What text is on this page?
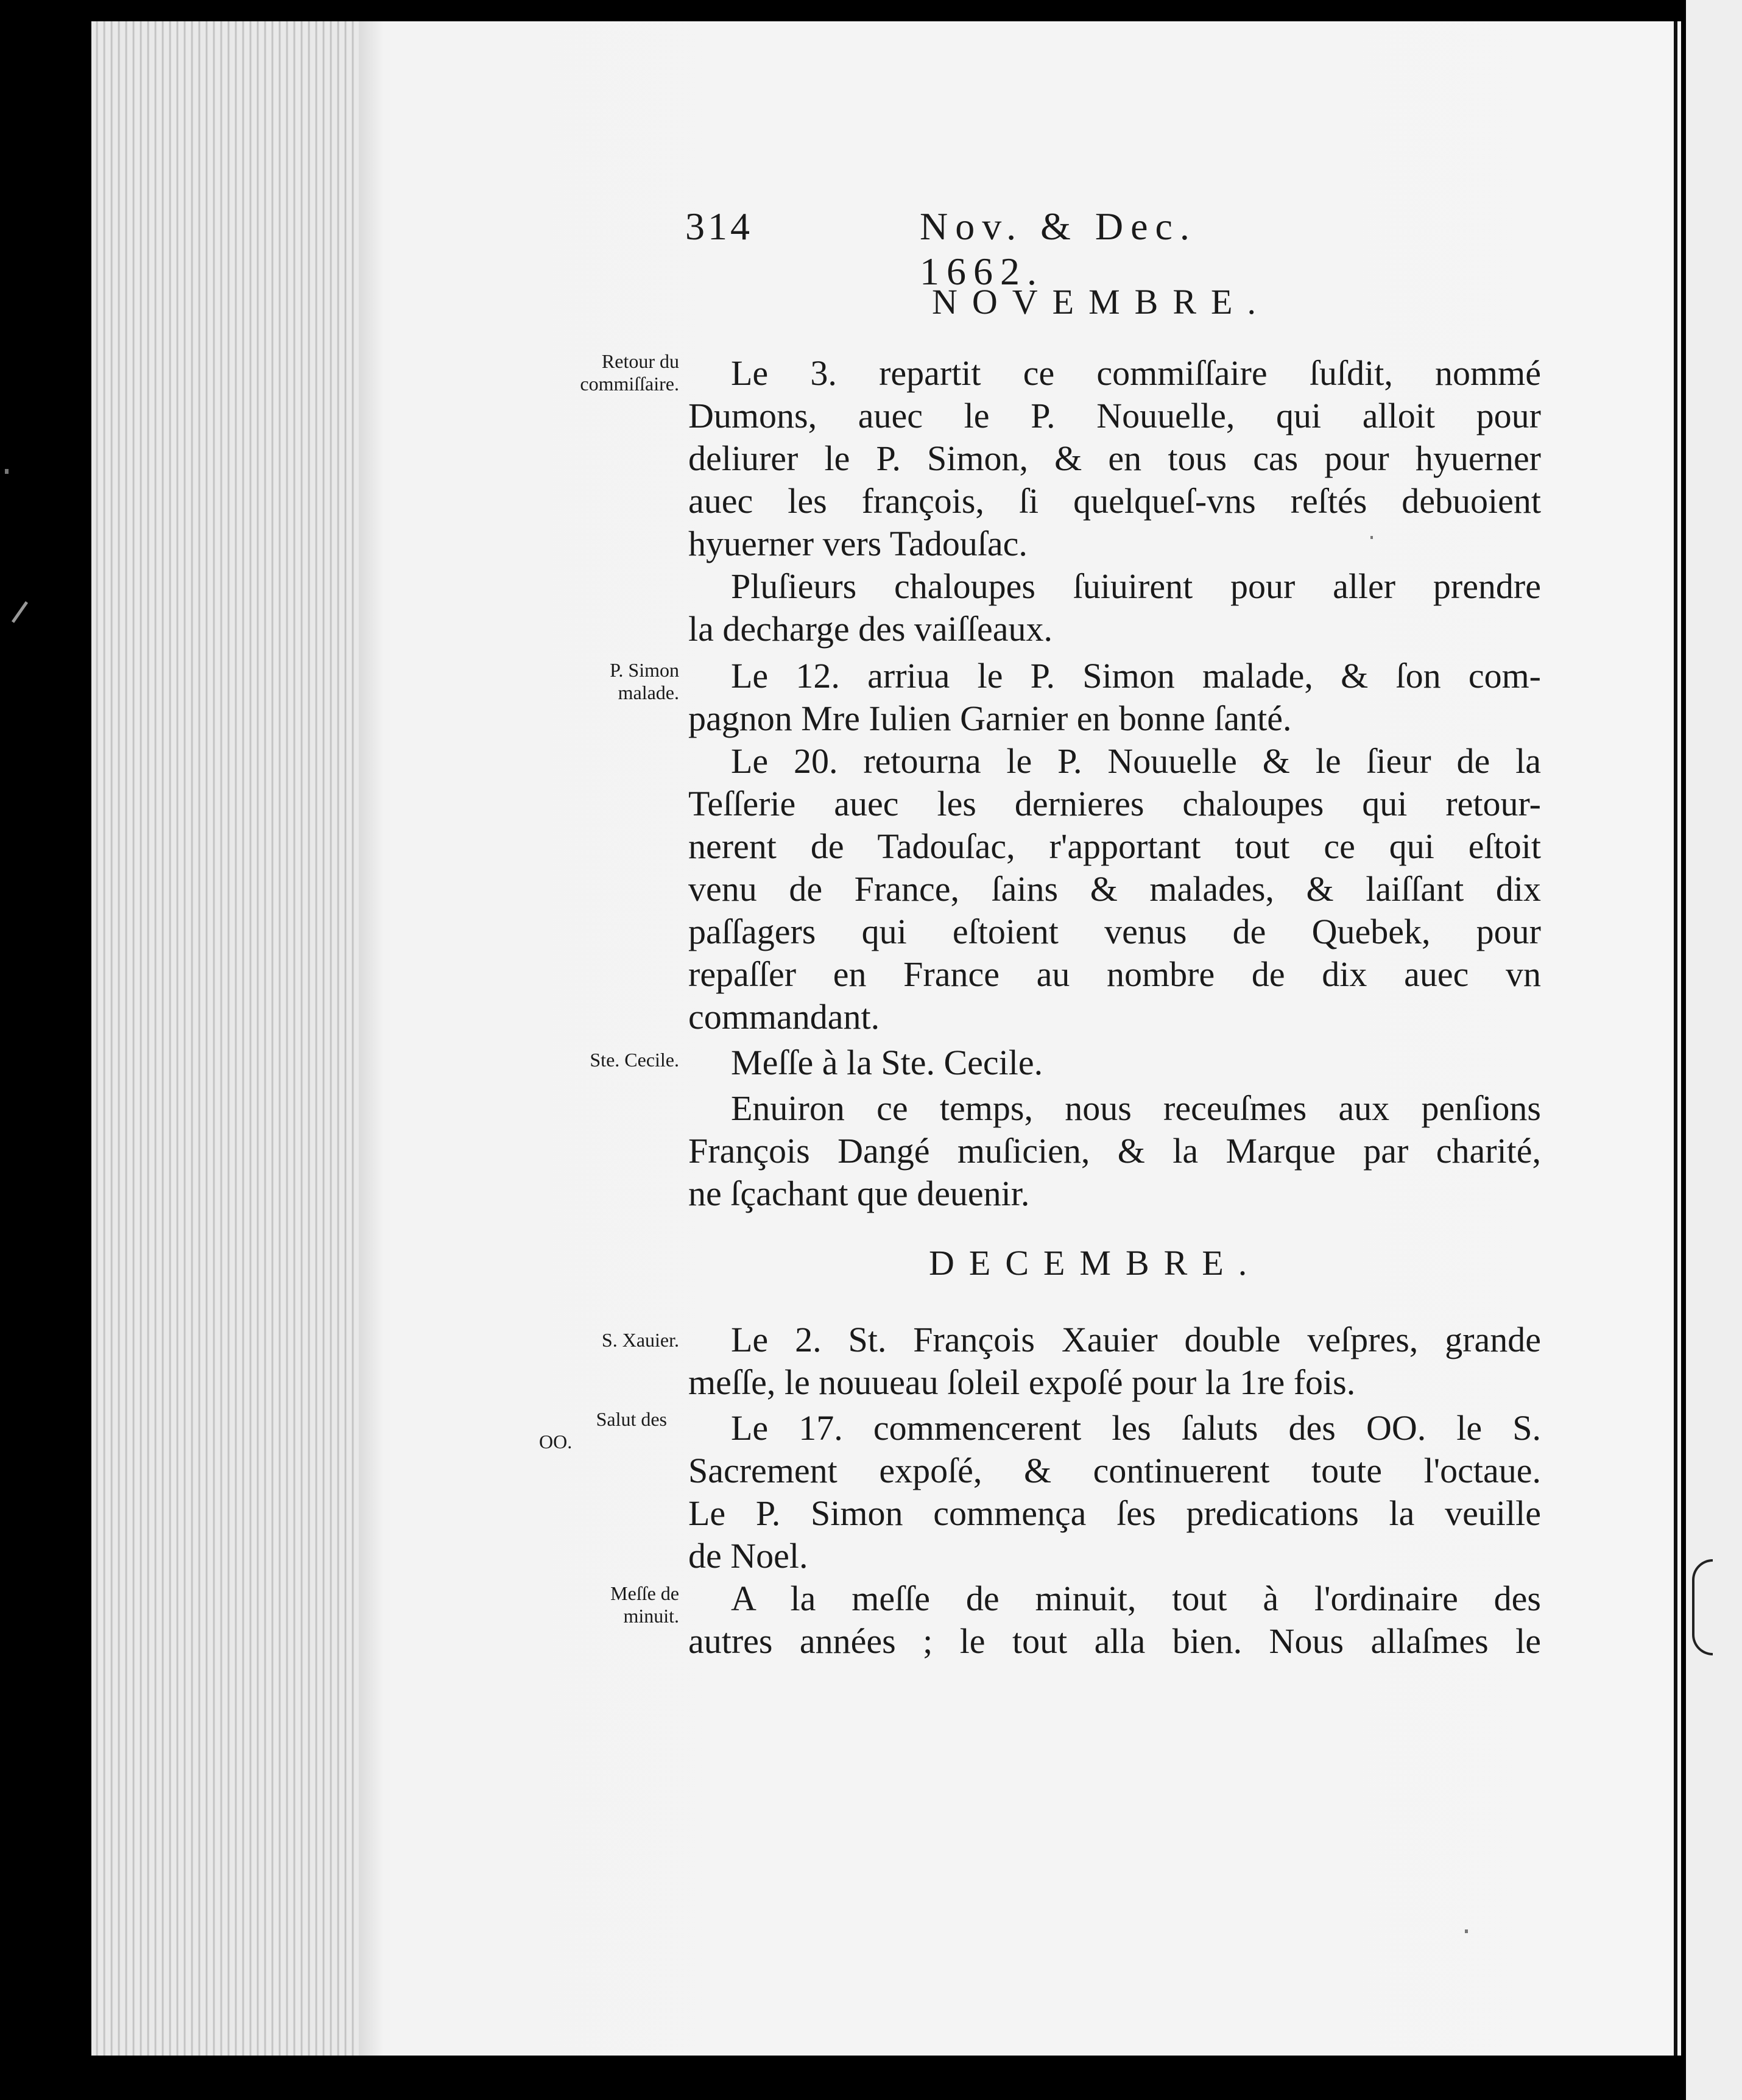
314	Nov. & Dec. 1662.
NOVEMBRE.
DECEMBRE.
Retour du
commiſſaire.
P. Simon
malade.
Ste. Cecile.
S. Xauier.
Salut des
OO.
Meſſe de
minuit.
Le 3. repartit ce commiſſaire ſuſdit, nommé
Dumons, auec le P. Nouuelle, qui alloit pour
deliurer le P. Simon, & en tous cas pour hyuerner
auec les françois, ſi quelqueſ-vns reſtés debuoient
hyuerner vers Tadouſac.
Pluſieurs chaloupes ſuiuirent pour aller prendre
la decharge des vaiſſeaux.
Le 12. arriua le P. Simon malade, & ſon com-
pagnon Mre Iulien Garnier en bonne ſanté.
Le 20. retourna le P. Nouuelle & le ſieur de la
Teſſerie auec les dernieres chaloupes qui retour-
nerent de Tadouſac, r'apportant tout ce qui eſtoit
venu de France, ſains & malades, & laiſſant dix
paſſagers qui eſtoient venus de Quebek, pour
repaſſer en France au nombre de dix auec vn
commandant.
Meſſe à la Ste. Cecile.
Enuiron ce temps, nous receuſmes aux penſions
François Dangé muſicien, & la Marque par charité,
ne ſçachant que deuenir.
Le 2. St. François Xauier double veſpres, grande
meſſe, le nouueau ſoleil expoſé pour la 1re fois.
Le 17. commencerent les ſaluts des OO. le S.
Sacrement expoſé, & continuerent toute l'octaue.
Le P. Simon commença ſes predications la veuille
de Noel.
A la meſſe de minuit, tout à l'ordinaire des
autres années ; le tout alla bien. Nous allaſmes le
